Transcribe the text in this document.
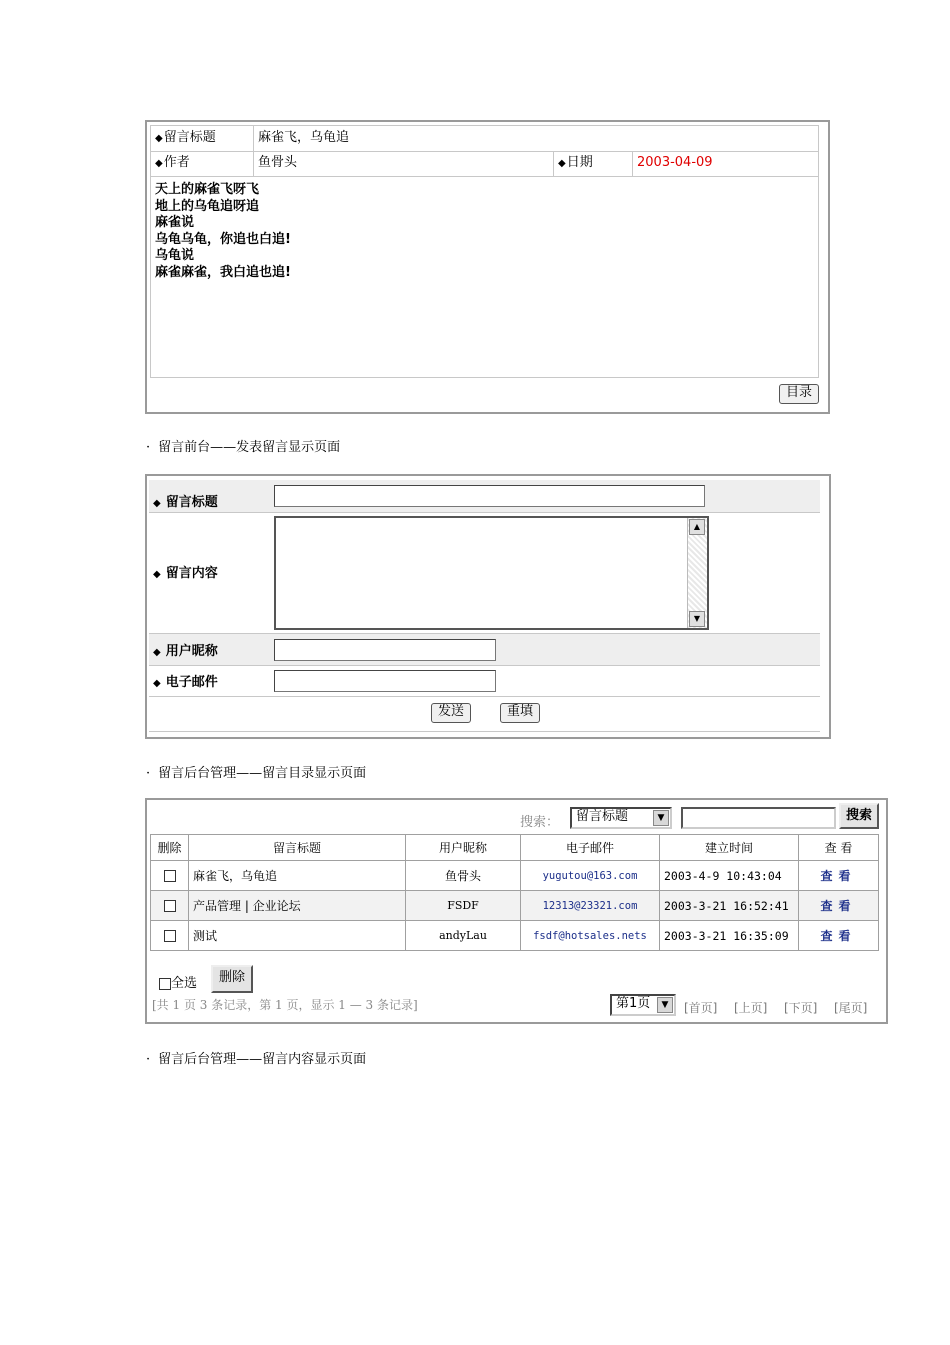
◆留言标题	麻雀飞，乌龟追
◆作者	鱼骨头	◆日期	2003-04-09
天上的麻雀飞呀飞
地上的乌龟追呀追
麻雀说
乌龟乌龟，你追也白追!
乌龟说
麻雀麻雀，我白追也追!
目录
· 留言前台——发表留言显示页面
◆ 留言标题
◆ 留言内容
▲
▼
◆ 用户昵称
◆ 电子邮件
发送	重填
· 留言后台管理——留言目录显示页面
搜索：	留言标题	▼	搜索
删除	留言标题	用户昵称	电子邮件	建立时间	查 看
	麻雀飞，乌龟追	鱼骨头	yugutou@163.com	2003-4-9 10:43:04	查看
	产品管理 | 企业论坛	FSDF	12313@23321.com	2003-3-21 16:52:41	查看
	测试	andyLau	fsdf@hotsales.nets	2003-3-21 16:35:09	查看
全选	删除
[共 1 页 3 条记录，第 1 页，显示 1 — 3 条记录]	第1页	▼	[首页] [上页] [下页] [尾页]
· 留言后台管理——留言内容显示页面
